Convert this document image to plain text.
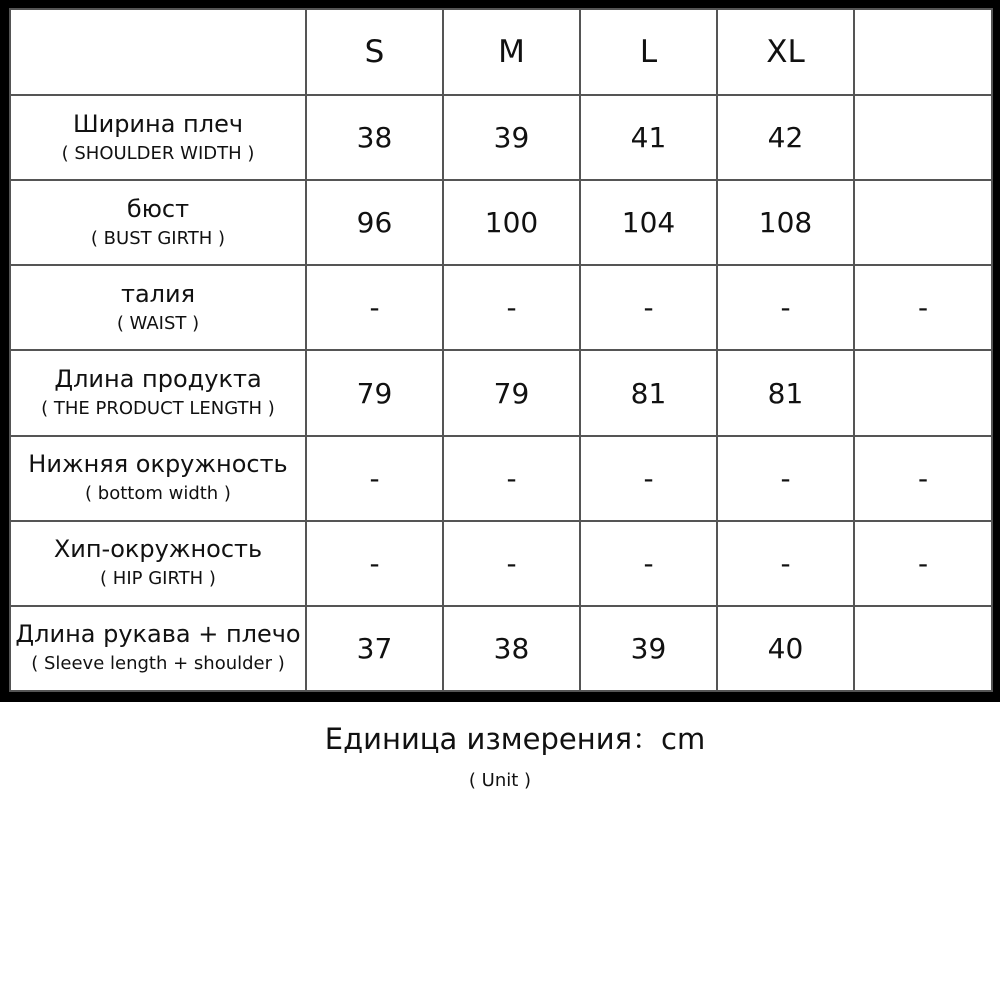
	S	M	L	XL	

Ширина плеч
( SHOULDER WIDTH )	38	39	41	42	

бюст
( BUST GIRTH )	96	100	104	108	

талия
( WAIST )	-	-	-	-	-

Длина продукта
( THE PRODUCT LENGTH )	79	79	81	81	

Нижняя окружность
( bottom width )	-	-	-	-	-

Хип-окружность
( HIP GIRTH )	-	-	-	-	-

Длина рукава + плечо
( Sleeve length + shoulder )	37	38	39	40	
Единица измерения：cm
( Unit )
